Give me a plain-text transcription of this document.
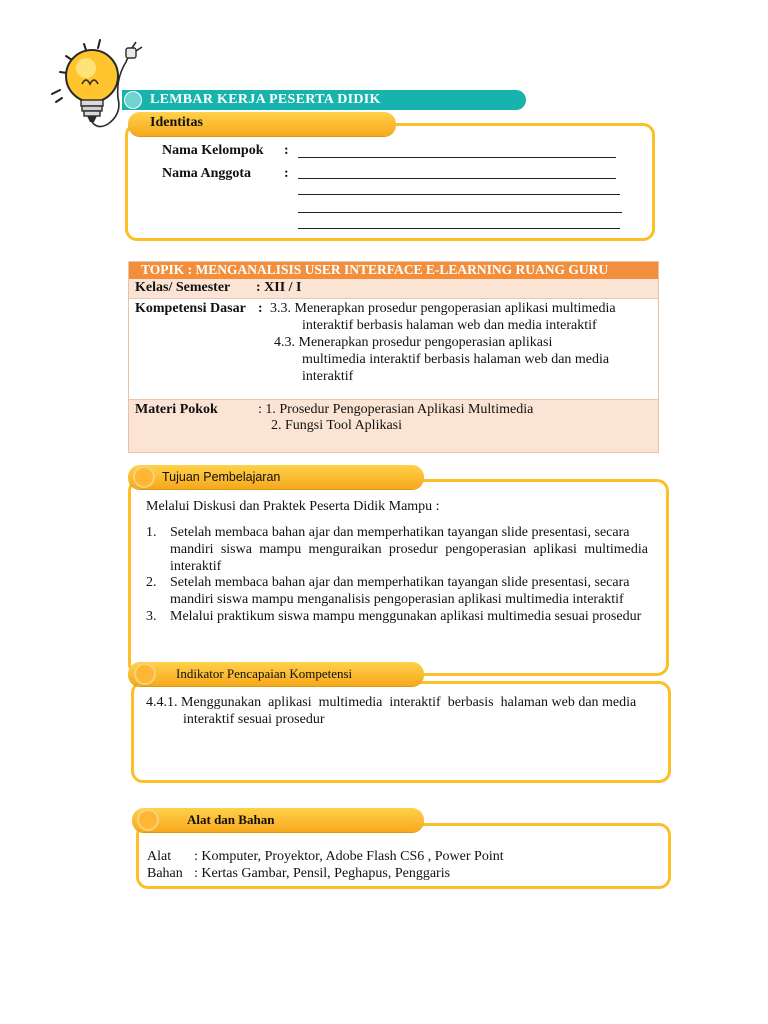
LEMBAR KERJA PESERTA DIDIK
Identitas
Nama Kelompok :
Nama Anggota :
TOPIK : MENGANALISIS USER INTERFACE E-LEARNING RUANG GURU
Kelas/ Semester : XII / I
Kompetensi Dasar : 3.3. Menerapkan prosedur pengoperasian aplikasi multimedia
interaktif berbasis halaman web dan media interaktif
4.3. Menerapkan prosedur pengoperasian aplikasi
multimedia interaktif berbasis halaman web dan media
interaktif
Materi Pokok	: 1. Prosedur Pengoperasian Aplikasi Multimedia
2. Fungsi Tool Aplikasi
Tujuan Pembelajaran
Melalui Diskusi dan Praktek Peserta Didik Mampu :
1. Setelah membaca bahan ajar dan memperhatikan tayangan slide presentasi, secara
mandiri siswa mampu menguraikan prosedur pengoperasian aplikasi multimedia
interaktif
2. Setelah membaca bahan ajar dan memperhatikan tayangan slide presentasi, secara
mandiri siswa mampu menganalisis pengoperasian aplikasi multimedia interaktif
3. Melalui praktikum siswa mampu menggunakan aplikasi multimedia sesuai prosedur
Indikator Pencapaian Kompetensi
4.4.1. Menggunakan  aplikasi  multimedia  interaktif  berbasis  halaman web dan media
interaktif sesuai prosedur
Alat dan Bahan
Alat : Komputer, Proyektor, Adobe Flash CS6 , Power Point
Bahan : Kertas Gambar, Pensil, Peghapus, Penggaris
